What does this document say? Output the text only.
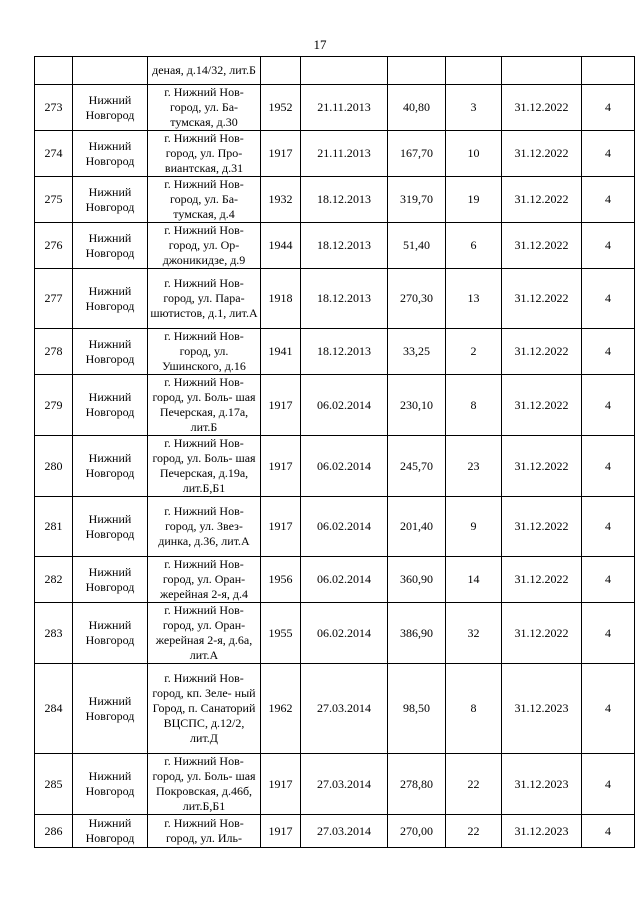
17
		деная, д.14/32, лит.Б						
273	Нижний Новгород	г. Нижний Нов- город, ул. Ба- тумская, д.30	1952	21.11.2013	40,80	3	31.12.2022	4
274	Нижний Новгород	г. Нижний Нов- город, ул. Про- виантская, д.31	1917	21.11.2013	167,70	10	31.12.2022	4
275	Нижний Новгород	г. Нижний Нов- город, ул. Ба- тумская, д.4	1932	18.12.2013	319,70	19	31.12.2022	4
276	Нижний Новгород	г. Нижний Нов- город, ул. Ор- джоникидзе, д.9	1944	18.12.2013	51,40	6	31.12.2022	4
277	Нижний Новгород	г. Нижний Нов- город, ул. Пара- шютистов, д.1, лит.А	1918	18.12.2013	270,30	13	31.12.2022	4
278	Нижний Новгород	г. Нижний Нов- город, ул. Ушинского, д.16	1941	18.12.2013	33,25	2	31.12.2022	4
279	Нижний Новгород	г. Нижний Нов- город, ул. Боль- шая Печерская, д.17а, лит.Б	1917	06.02.2014	230,10	8	31.12.2022	4
280	Нижний Новгород	г. Нижний Нов- город, ул. Боль- шая Печерская, д.19а, лит.Б,Б1	1917	06.02.2014	245,70	23	31.12.2022	4
281	Нижний Новгород	г. Нижний Нов- город, ул. Звез- динка, д.36, лит.А	1917	06.02.2014	201,40	9	31.12.2022	4
282	Нижний Новгород	г. Нижний Нов- город, ул. Оран- жерейная 2-я, д.4	1956	06.02.2014	360,90	14	31.12.2022	4
283	Нижний Новгород	г. Нижний Нов- город, ул. Оран- жерейная 2-я, д.6а, лит.А	1955	06.02.2014	386,90	32	31.12.2022	4
284	Нижний Новгород	г. Нижний Нов- город, кп. Зеле- ный Город, п. Санаторий ВЦСПС, д.12/2, лит.Д	1962	27.03.2014	98,50	8	31.12.2023	4
285	Нижний Новгород	г. Нижний Нов- город, ул. Боль- шая Покровская, д.46б, лит.Б,Б1	1917	27.03.2014	278,80	22	31.12.2023	4
286	Нижний Новгород	г. Нижний Нов- город, ул. Иль-	1917	27.03.2014	270,00	22	31.12.2023	4
